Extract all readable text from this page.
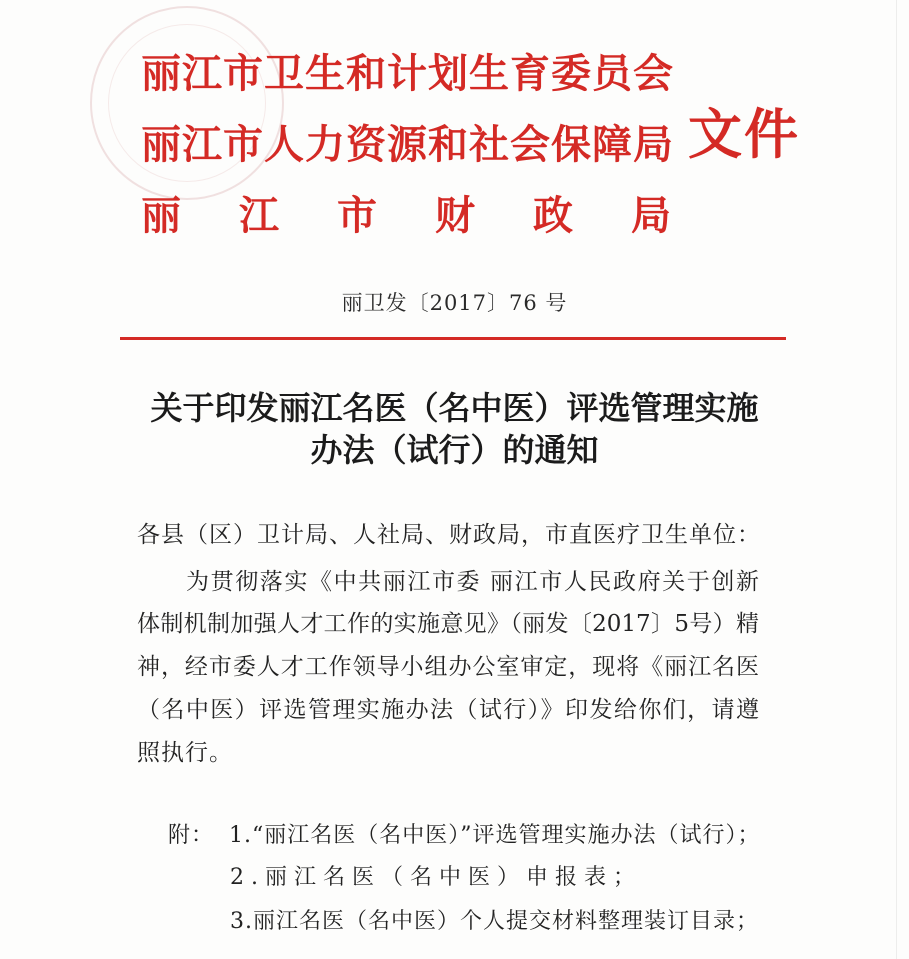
丽江市卫生和计划生育委员会
丽江市人力资源和社会保障局
丽 江 市 财 政 局
文件
丽卫发〔2017〕76 号
关于印发丽江名医（名中医）评选管理实施
办法（试行）的通知
各县（区）卫计局、人社局、财政局，市直医疗卫生单位：
为贯彻落实《中共丽江市委 丽江市人民政府关于创新
体制机制加强人才工作的实施意见》（丽发〔2017〕5号）精
神，经市委人才工作领导小组办公室审定，现将《丽江名医
（名中医）评选管理实施办法（试行）》印发给你们，请遵
照执行。
附： 1.“丽江名医（名中医）”评选管理实施办法（试行）；
2.丽江名医（名中医）申报表；
3.丽江名医（名中医）个人提交材料整理装订目录；
